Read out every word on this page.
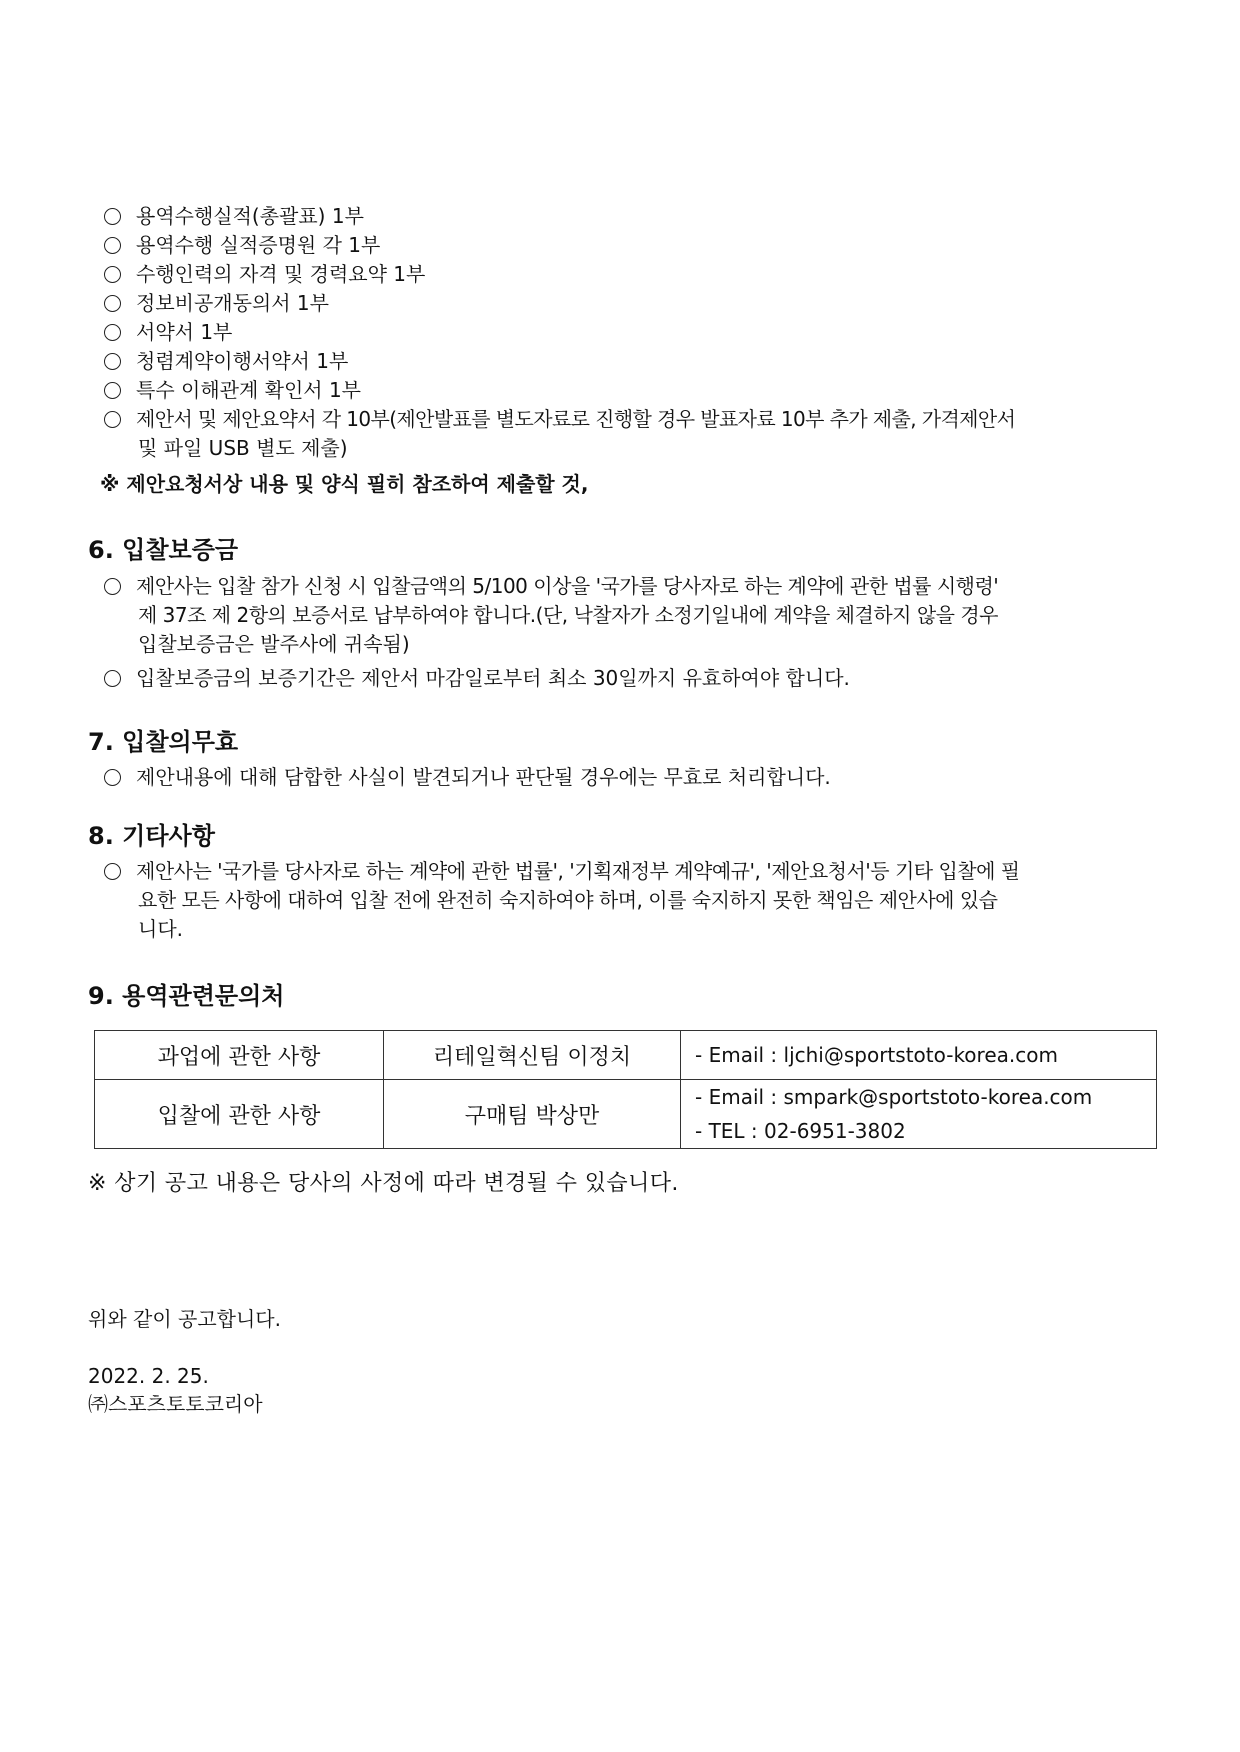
용역수행실적(총괄표) 1부
용역수행 실적증명원 각 1부
수행인력의 자격 및 경력요약 1부
정보비공개동의서 1부
서약서 1부
청렴계약이행서약서 1부
특수 이해관계 확인서 1부
제안서 및 제안요약서 각 10부(제안발표를 별도자료로 진행할 경우 발표자료 10부 추가 제출, 가격제안서
및 파일 USB 별도 제출)
※ 제안요청서상 내용 및 양식 필히 참조하여 제출할 것,
6. 입찰보증금
제안사는 입찰 참가 신청 시 입찰금액의 5/100 이상을 '국가를 당사자로 하는 계약에 관한 법률 시행령'
제 37조 제 2항의 보증서로 납부하여야 합니다.(단, 낙찰자가 소정기일내에 계약을 체결하지 않을 경우
입찰보증금은 발주사에 귀속됨)
입찰보증금의 보증기간은 제안서 마감일로부터 최소 30일까지 유효하여야 합니다.
7. 입찰의무효
제안내용에 대해 담합한 사실이 발견되거나 판단될 경우에는 무효로 처리합니다.
8. 기타사항
제안사는 '국가를 당사자로 하는 계약에 관한 법률', '기획재정부 계약예규', '제안요청서'등 기타 입찰에 필
요한 모든 사항에 대하여 입찰 전에 완전히 숙지하여야 하며, 이를 숙지하지 못한 책임은 제안사에 있습
니다.
9. 용역관련문의처
과업에 관한 사항	리테일혁신팀 이정치	- Email : ljchi@sportstoto-korea.com

입찰에 관한 사항	구매팀 박상만	- Email : smpark@sportstoto-korea.com
- TEL : 02-6951-3802
※ 상기 공고 내용은 당사의 사정에 따라 변경될 수 있습니다.
위와 같이 공고합니다.
2022. 2. 25.
㈜스포츠토토코리아
